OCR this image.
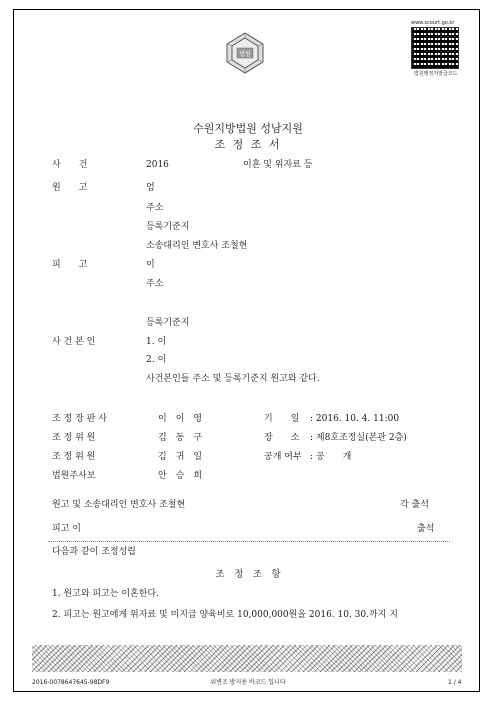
법원
www.scourt.go.kr
법원행정처발급코드
수원지방법원 성남지원
조 정 조 서
사　　건	2016	이혼 및 위자료 등
원　　고	엄
주소
등록기준지
소송대리인 변호사 조철현
피　　고	이
주소
등록기준지
사 건 본 인	1. 이
2. 이
사건본인들 주소 및 등록기준지 원고와 같다.
조 정 장 판 사	이　이　영	기　　일 : 2016. 10. 4. 11:00
조 정 위 원	김　동　구	장　　소 : 제8호조정실(본관 2층)
조 정 위 원	김　귀　일	공개 여부 : 공　　개
법원주사보	안　승　희
원고 및 소송대리인 변호사 조철현	각 출석
피고 이	출석
다음과 같이 조정성립
조　정　조　항
1. 원고와 피고는 이혼한다.
2. 피고는 원고에게 위자료 및 미지급 양육비로 10,000,000원을 2016. 10. 30.까지 지
2016-0078647645-98DF9	위변조 방지용 바코드 입니다	1 / 4
